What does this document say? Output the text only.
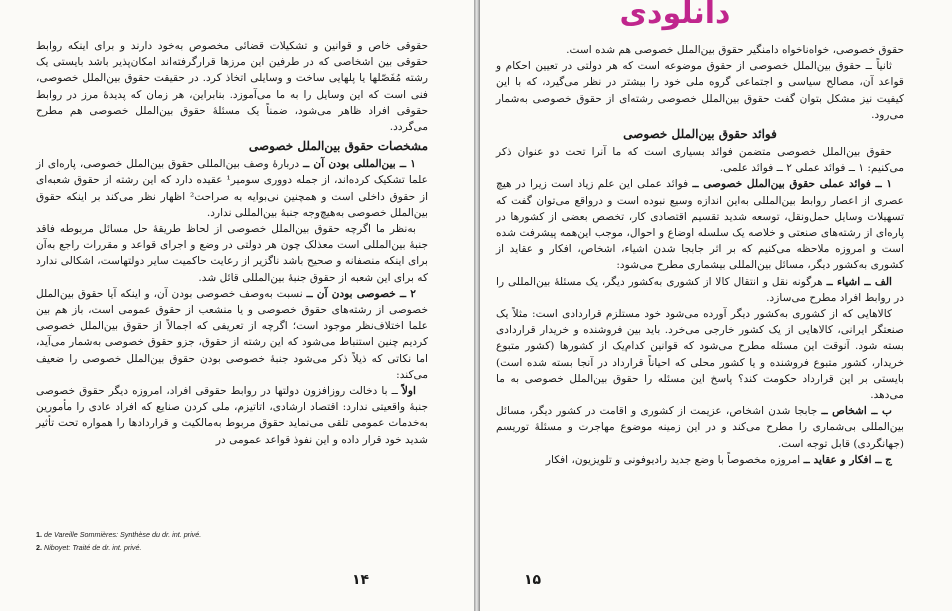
حقوقی خاص و قوانین و تشکیلات قضائی مخصوص به‌خود دارند و برای اینکه روابط حقوقی بین اشخاصی که در طرفین این مرزها قرارگرفته‌اند امکان‌پذیر باشد بایستی یک رشته مُفَصّلها یا پلهایی ساخت و وسایلی اتخاذ کرد. در حقیقت حقوق بین‌الملل خصوصی، فنی است که این وسایل را به ما می‌آموزد. بنابراین، هر زمان که پدیدهٔ مرز در روابط حقوقی افراد ظاهر می‌شود، ضمناً یک مسئلهٔ حقوق بین‌الملل خصوصی هم مطرح می‌گردد.

مشخصات حقوق بین‌الملل خصوصی

۱ ــ بین‌المللی بودن آن ــ دربارهٔ وصف بین‌المللی حقوق بین‌الملل خصوصی، پاره‌ای از علما تشکیک کرده‌اند، از جمله دووری سومیر¹ عقیده دارد که این رشته از حقوق شعبه‌ای از حقوق داخلی است و همچنین نی‌بوایه به صراحت² اظهار نظر می‌کند بر اینکه حقوق بین‌الملل خصوصی به‌هیچ‌وجه جنبهٔ بین‌المللی ندارد.

به‌نظر ما اگرچه حقوق بین‌الملل خصوصی از لحاظ طریقهٔ حل مسائل مربوطه فاقد جنبهٔ بین‌المللی است معذلک چون هر دولتی در وضع و اجرای قواعد و مقررات راجع به‌آن برای اینکه منصفانه و صحیح باشد ناگزیر از رعایت حاکمیت سایر دولتهاست، اشکالی ندارد که برای این شعبه از حقوق جنبهٔ بین‌المللی قائل شد.

۲ ــ خصوصی بودن آن ــ نسبت به‌وصف خصوصی بودن آن، و اینکه آیا حقوق بین‌الملل خصوصی از رشته‌های حقوق خصوصی و یا منشعب از حقوق عمومی است، باز هم بین علما اختلاف‌نظر موجود است؛ اگرچه از تعریفی که اجمالاً از حقوق بین‌الملل خصوصی کردیم چنین استنباط می‌شود که این رشته از حقوق، جزو حقوق خصوصی به‌شمار می‌آید، اما نکاتی که ذیلاً ذکر می‌شود جنبهٔ خصوصی بودن حقوق بین‌الملل خصوصی را ضعیف می‌کند:

اولاً ــ با دخالت روزافزون دولتها در روابط حقوقی افراد، امروزه دیگر حقوق خصوصی جنبهٔ واقعیتی ندارد: اقتصاد ارشادی، اتاتیزم، ملی کردن صنایع که افراد عادی را مأمورین به‌خدمات عمومی تلقی می‌نماید حقوق مربوط به‌مالکیت و قراردادها را همواره تحت تأثیر شدید خود قرار داده و این نفوذ قواعد عمومی در

1. de Vareille Sommières: Synthèse du dr. int. privé.
2. Niboyet: Traité de dr. int. privé.
۱۴
دانلودی

حقوق خصوصی، خواه‌ناخواه دامنگیر حقوق بین‌الملل خصوصی هم شده است.

ثانیاً ــ حقوق بین‌الملل خصوصی از حقوق موضوعه است که هر دولتی در تعیین احکام و قواعد آن، مصالح سیاسی و اجتماعی گروه ملی خود را بیشتر در نظر می‌گیرد، که با این کیفیت نیز مشکل بتوان گفت حقوق بین‌الملل خصوصی رشته‌ای از حقوق خصوصی به‌شمار می‌رود.

فوائد حقوق بین‌الملل خصوصی

حقوق بین‌الملل خصوصی متضمن فوائد بسیاری است که ما آنرا تحت دو عنوان ذکر می‌کنیم: ۱ ــ فوائد عملی ۲ ــ فوائد علمی.

۱ ــ فوائد عملی حقوق بین‌الملل خصوصی ــ فوائد عملی این علم زیاد است زیرا در هیچ عصری از اعصار روابط بین‌المللی به‌این اندازه وسیع نبوده است و درواقع می‌توان گفت که تسهیلات وسایل حمل‌ونقل، توسعه شدید تقسیم اقتصادی کار، تخصص بعضی از کشورها در پاره‌ای از رشته‌های صنعتی و خلاصه یک سلسله اوضاع و احوال، موجب این‌همه پیشرفت شده است و امروزه ملاحظه می‌کنیم که بر اثر جابجا شدن اشیاء، اشخاص، افکار و عقاید از کشوری به‌کشور دیگر، مسائل بین‌المللی بیشماری مطرح می‌شود:

الف ــ اشیاء ــ هرگونه نقل و انتقال کالا از کشوری به‌کشور دیگر، یک مسئلهٔ بین‌المللی را در روابط افراد مطرح می‌سازد.

کالاهایی که از کشوری به‌کشور دیگر آورده می‌شود خود مستلزم قراردادی است: مثلاً یک صنعتگر ایرانی، کالاهایی از یک کشور خارجی می‌خرد. باید بین فروشنده و خریدار قراردادی بسته شود. آنوقت این مسئله مطرح می‌شود که قوانین کدام‌یک از کشورها (کشور متبوع خریدار، کشور متبوع فروشنده و یا کشور محلی که احیاناً قرارداد در آنجا بسته شده است) بایستی بر این قرارداد حکومت کند؟ پاسخ این مسئله را حقوق بین‌الملل خصوصی به ما می‌دهد.

ب ــ اشخاص ــ جابجا شدن اشخاص، عزیمت از کشوری و اقامت در کشور دیگر، مسائل بین‌المللی بی‌شماری را مطرح می‌کند و در این زمینه موضوع مهاجرت و مسئلهٔ توریسم (جهانگردی) قابل توجه است.

ج ــ افکار و عقاید ــ امروزه مخصوصاً با وضع جدید رادیوفونی و تلویزیون، افکار

۱۵
